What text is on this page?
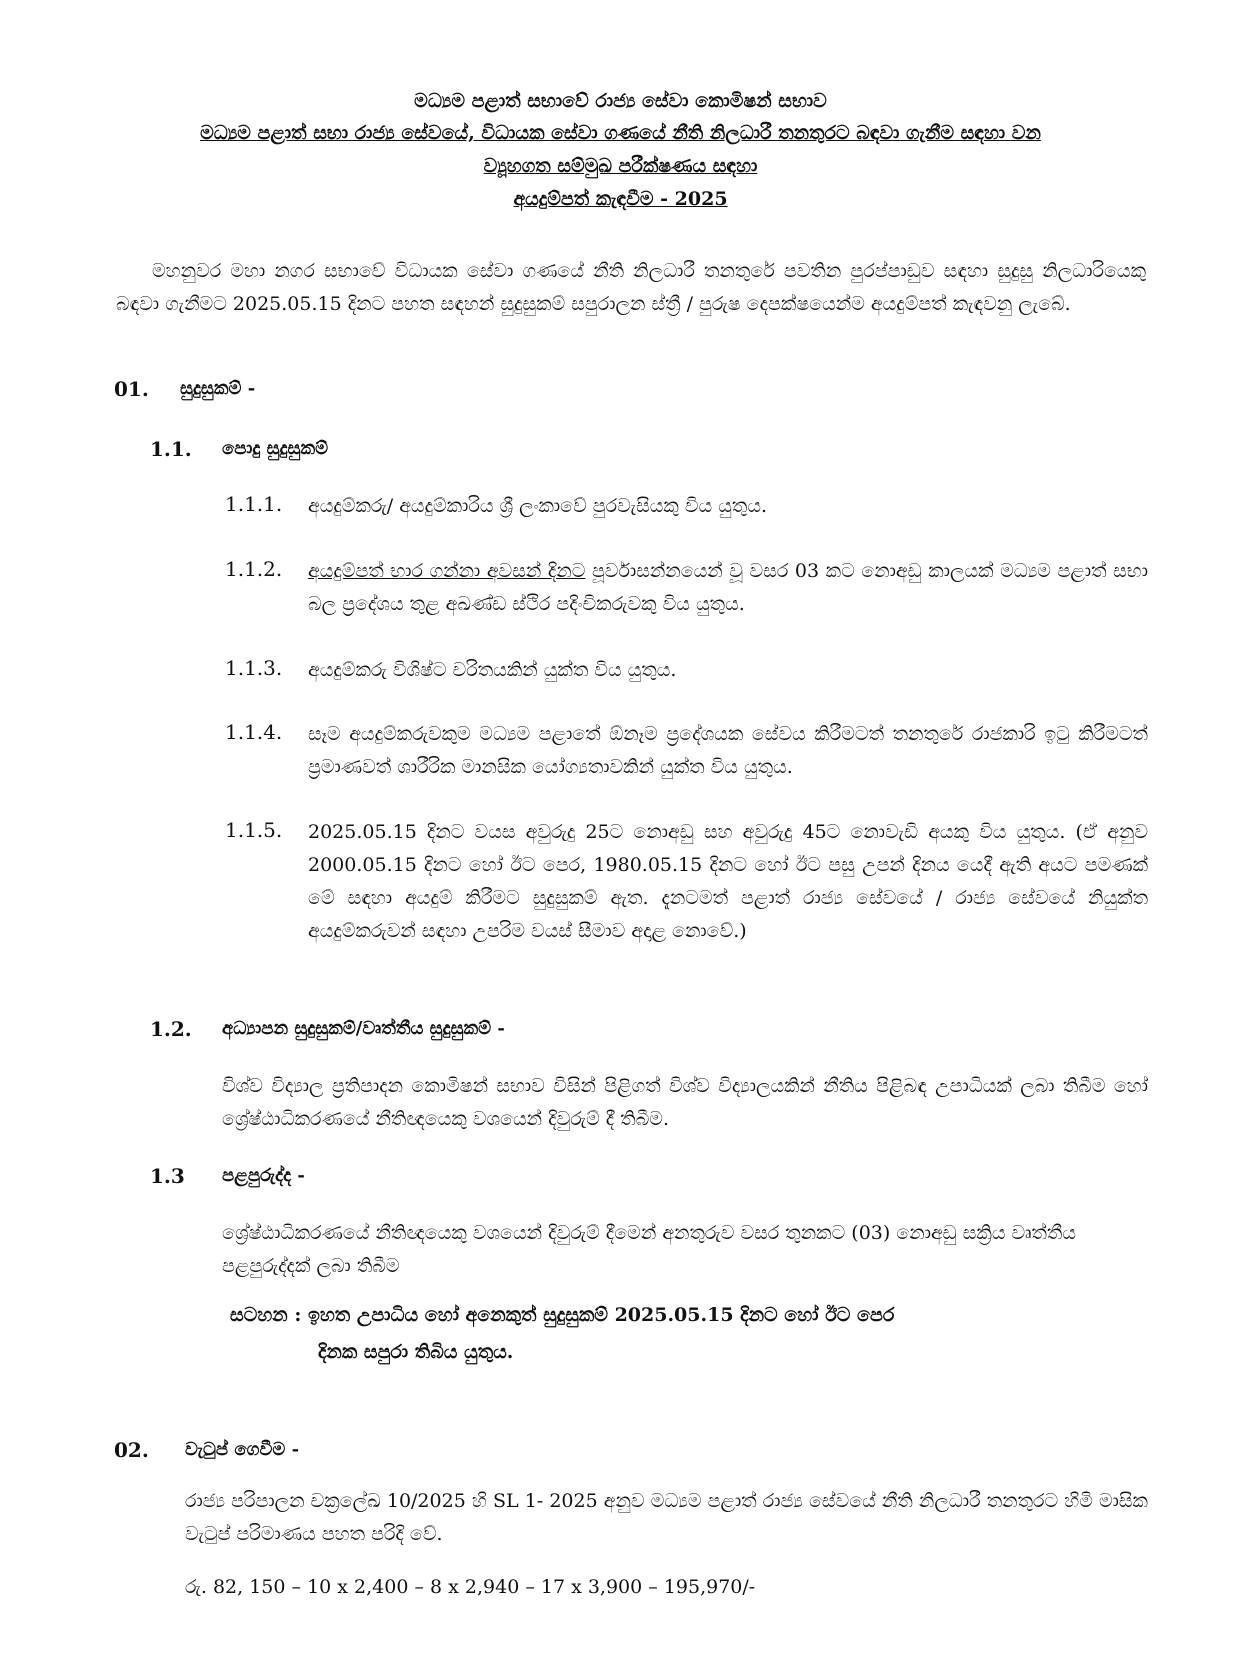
මධ්‍යම පළාත් සභාවේ රාජ්‍ය සේවා කොමිෂන් සභාව
මධ්‍යම පළාත් සභා රාජ්‍ය සේවයේ, විධායක සේවා ගණයේ නීති නිලධාරී තනතුරට බඳවා ගැනීම සඳහා වන
ව්‍යූහගත සම්මුඛ පරීක්ෂණය සඳහා
අයදුම්පත් කැඳවීම - 2025
මහනුවර මහා නගර සභාවේ විධායක සේවා ගණයේ නීති නිලධාරී තනතුරේ පවතින පුරප්පාඩුව සඳහා සුදුසු නිලධාරියෙකු බඳවා ගැනීමට 2025.05.15 දිනට පහත සඳහන් සුදුසුකම් සපුරාලන ස්ත්‍රී / පුරුෂ දෙපක්ෂයෙන්ම අයදුම්පත් කැඳවනු ලැබේ.
01. සුදුසුකම් -
1.1. පොදු සුදුසුකම්
1.1.1. අයදුම්කරු/ අයදුම්කාරිය ශ්‍රී ලංකාවේ පුරවැසියකු විය යුතුය.
1.1.2. අයදුම්පත් භාර ගන්නා අවසන් දිනට පූර්වාසන්නයෙන් වූ වසර 03 කට නොඅඩු කාලයක් මධ්‍යම පළාත් සභා බල ප්‍රදේශය තුළ අඛණ්ඩ ස්ථිර පදිංචිකරුවකු විය යුතුය.
1.1.3. අයදුම්කරු විශිෂ්ට චරිතයකින් යුක්ත විය යුතුය.
1.1.4. සෑම අයදුම්කරුවකුම මධ්‍යම පළාතේ ඕනෑම ප්‍රදේශයක සේවය කිරීමටත් තනතුරේ රාජකාරි ඉටු කිරීමටත් ප්‍රමාණවත් ශාරීරික මානසික යෝග්‍යතාවකින් යුක්ත විය යුතුය.
1.1.5. 2025.05.15 දිනට වයස අවුරුදු 25ට නොඅඩු සහ අවුරුදු 45ට නොවැඩි අයකු විය යුතුය. (ඒ අනුව 2000.05.15 දිනට හෝ ඊට පෙර, 1980.05.15 දිනට හෝ ඊට පසු උපන් දිනය යෙදී ඇති අයට පමණක් මේ සඳහා අයදුම් කිරීමට සුදුසුකම් ඇත. දැනටමත් පළාත් රාජ්‍ය සේවයේ / රාජ්‍ය සේවයේ නියුක්ත අයදුම්කරුවන් සඳහා උපරිම වයස් සීමාව අදාළ නොවේ.)
1.2. අධ්‍යාපන සුදුසුකම්/වෘත්තීය සුදුසුකම් -
විශ්ව විද්‍යාල ප්‍රතිපාදන කොමිෂන් සභාව විසින් පිළිගත් විශ්ව විද්‍යාලයකින් නීතිය පිළිබඳ උපාධියක් ලබා තිබීම හෝ ශ්‍රේෂ්ඨාධිකරණයේ නීතිඥයෙකු වශයෙන් දිවුරුම් දී තිබීම.
1.3 පළපුරුද්ද -
ශ්‍රේෂ්ඨාධිකරණයේ නීතිඥයෙකු වශයෙන් දිවුරුම් දීමෙන් අනතුරුව වසර තුනකට (03) නොඅඩු සක්‍රිය වෘත්තීය පළපුරුද්දක් ලබා තිබීම
සටහන : ඉහත උපාධිය හෝ අනෙකුත් සුදුසුකම් 2025.05.15 දිනට හෝ ඊට පෙර
දිනක සපුරා තිබිය යුතුය.
02. වැටුප් ගෙවීම -
රාජ්‍ය පරිපාලන චක්‍රලේඛ 10/2025 හි SL 1- 2025 අනුව මධ්‍යම පළාත් රාජ්‍ය සේවයේ නීති නිලධාරී තනතුරට හිමි මාසික වැටුප් පරිමාණය පහත පරිදි වේ.
රු. 82, 150 – 10 x 2,400 – 8 x 2,940 – 17 x 3,900 – 195,970/-
